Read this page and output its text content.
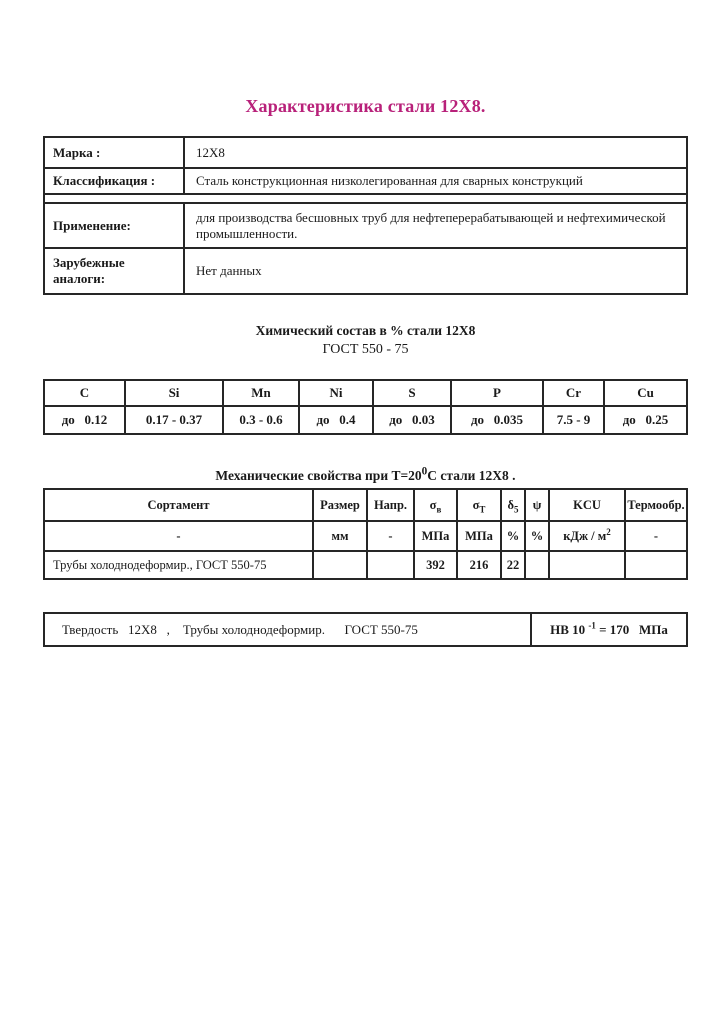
Характеристика стали 12Х8.
Марка :	12Х8
Классификация :	Сталь конструкционная низколегированная для сварных конструкций

Применение:	для производства бесшовных труб для нефтеперерабатывающей и нефтехимической промышленности.
Зарубежные аналоги:	Нет данных
Химический состав в % стали 12Х8
ГОСТ 550 - 75
C	Si	Mn	Ni	S	P	Cr	Cu
до   0.12	0.17 - 0.37	0.3 - 0.6	до   0.4	до   0.03	до   0.035	7.5 - 9	до   0.25
Механические свойства при $Т=20^0С$ стали 12Х8 .
Сортамент	Размер	Напр.	$\sigma_в$	$\sigma_Т$	$\delta_5$	ψ	KCU	Термообр.
-	мм	-	МПа	МПа	%	%	кДж / $м^2$	-
Трубы холоднодеформир., ГОСТ 550-75			392	216	22			
Твердость   12Х8   ,    Трубы холоднодеформир.      ГОСТ 550-75	HB 10 $^{-1}$ = 170   МПа
